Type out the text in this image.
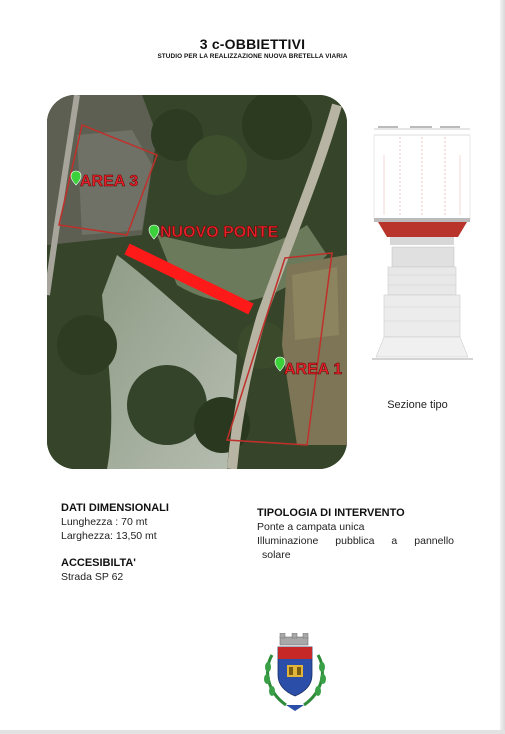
3 c-OBBIETTIVI
STUDIO PER LA REALIZZAZIONE NUOVA BRETELLA VIARIA
AREA 3
NUOVO PONTE
AREA 1
Sezione tipo
DATI DIMENSIONALI
Lunghezza : 70 mt
Larghezza: 13,50 mt
ACCESIBILTA'
Strada SP 62
TIPOLOGIA DI INTERVENTO
Ponte a campata unica
Illuminazione pubblica a pannello
solare
